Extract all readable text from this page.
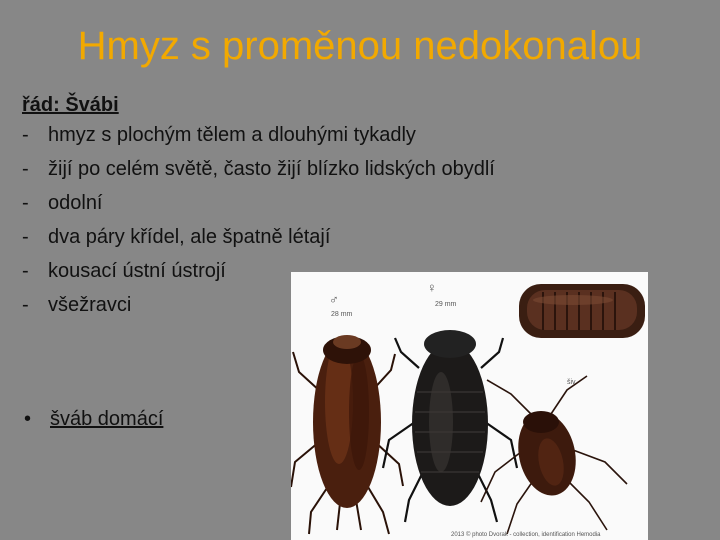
Hmyz s proměnou nedokonalou
řád: Švábi
- hmyz s plochým tělem a dlouhými tykadly
- žijí po celém světě, často žijí blízko lidských obydlí
- odolní
- dva páry křídel, ale špatně létají
- kousací ústní ústrojí
- všežravci
• šváb domácí
♂
28 mm
♀
29 mm
šiv
2013 © photo Dvorak - collection, identification Hemodia
